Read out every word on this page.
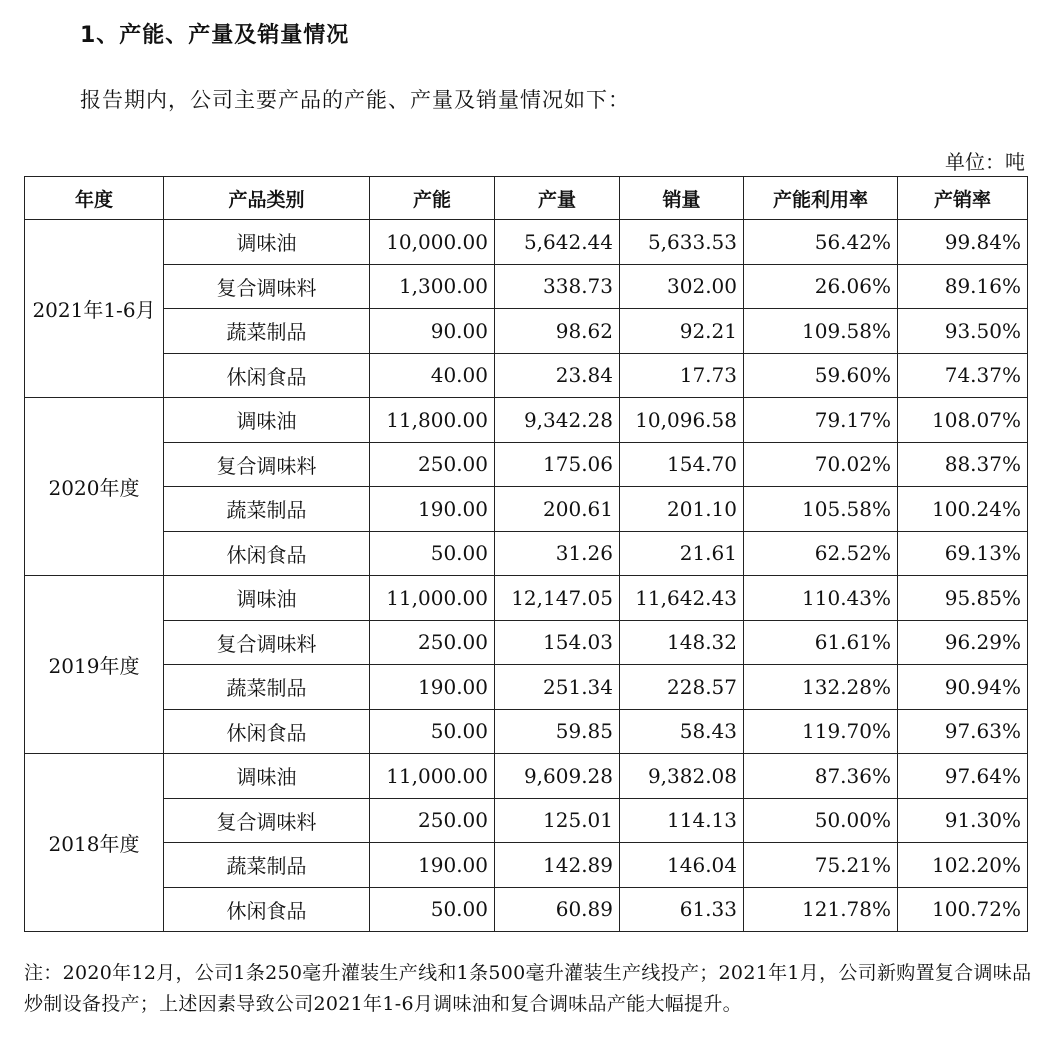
1、产能、产量及销量情况
报告期内，公司主要产品的产能、产量及销量情况如下：
单位：吨
年度	产品类别	产能	产量	销量	产能利用率	产销率
2021年1-6月	调味油	10,000.00	5,642.44	5,633.53	56.42%	99.84%
	复合调味料	1,300.00	338.73	302.00	26.06%	89.16%
	蔬菜制品	90.00	98.62	92.21	109.58%	93.50%
	休闲食品	40.00	23.84	17.73	59.60%	74.37%
2020年度	调味油	11,800.00	9,342.28	10,096.58	79.17%	108.07%
	复合调味料	250.00	175.06	154.70	70.02%	88.37%
	蔬菜制品	190.00	200.61	201.10	105.58%	100.24%
	休闲食品	50.00	31.26	21.61	62.52%	69.13%
2019年度	调味油	11,000.00	12,147.05	11,642.43	110.43%	95.85%
	复合调味料	250.00	154.03	148.32	61.61%	96.29%
	蔬菜制品	190.00	251.34	228.57	132.28%	90.94%
	休闲食品	50.00	59.85	58.43	119.70%	97.63%
2018年度	调味油	11,000.00	9,609.28	9,382.08	87.36%	97.64%
	复合调味料	250.00	125.01	114.13	50.00%	91.30%
	蔬菜制品	190.00	142.89	146.04	75.21%	102.20%
	休闲食品	50.00	60.89	61.33	121.78%	100.72%
注：2020年12月，公司1条250毫升灌装生产线和1条500毫升灌装生产线投产；2021年1月，公司新购置复合调味品炒制设备投产；上述因素导致公司2021年1-6月调味油和复合调味品产能大幅提升。
